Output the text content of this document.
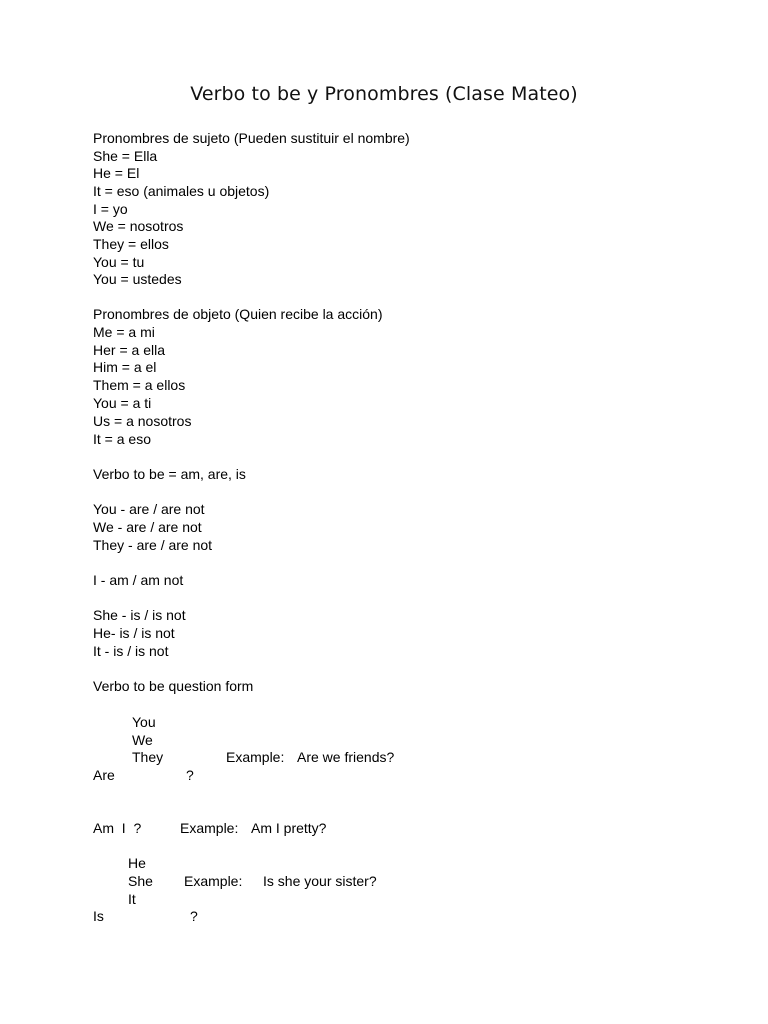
Verbo to be y Pronombres (Clase Mateo)
Pronombres de sujeto (Pueden sustituir el nombre)
She = Ella
He = El
It = eso (animales u objetos)
I = yo
We = nosotros
They = ellos
You = tu
You = ustedes
Pronombres de objeto (Quien recibe la acción)
Me = a mi
Her = a ella
Him = a el
Them = a ellos
You = a ti
Us = a nosotros
It = a eso
Verbo to be = am, are, is
You - are / are not
We - are / are not
They - are / are not
I - am / am not
She - is / is not
He- is / is not
It - is / is not
Verbo to be question form
You
We
They	Example: Are we friends?
Are	?
Am  I  ?	Example: Am I pretty?
He
She Example: Is she your sister?
It
Is	?
